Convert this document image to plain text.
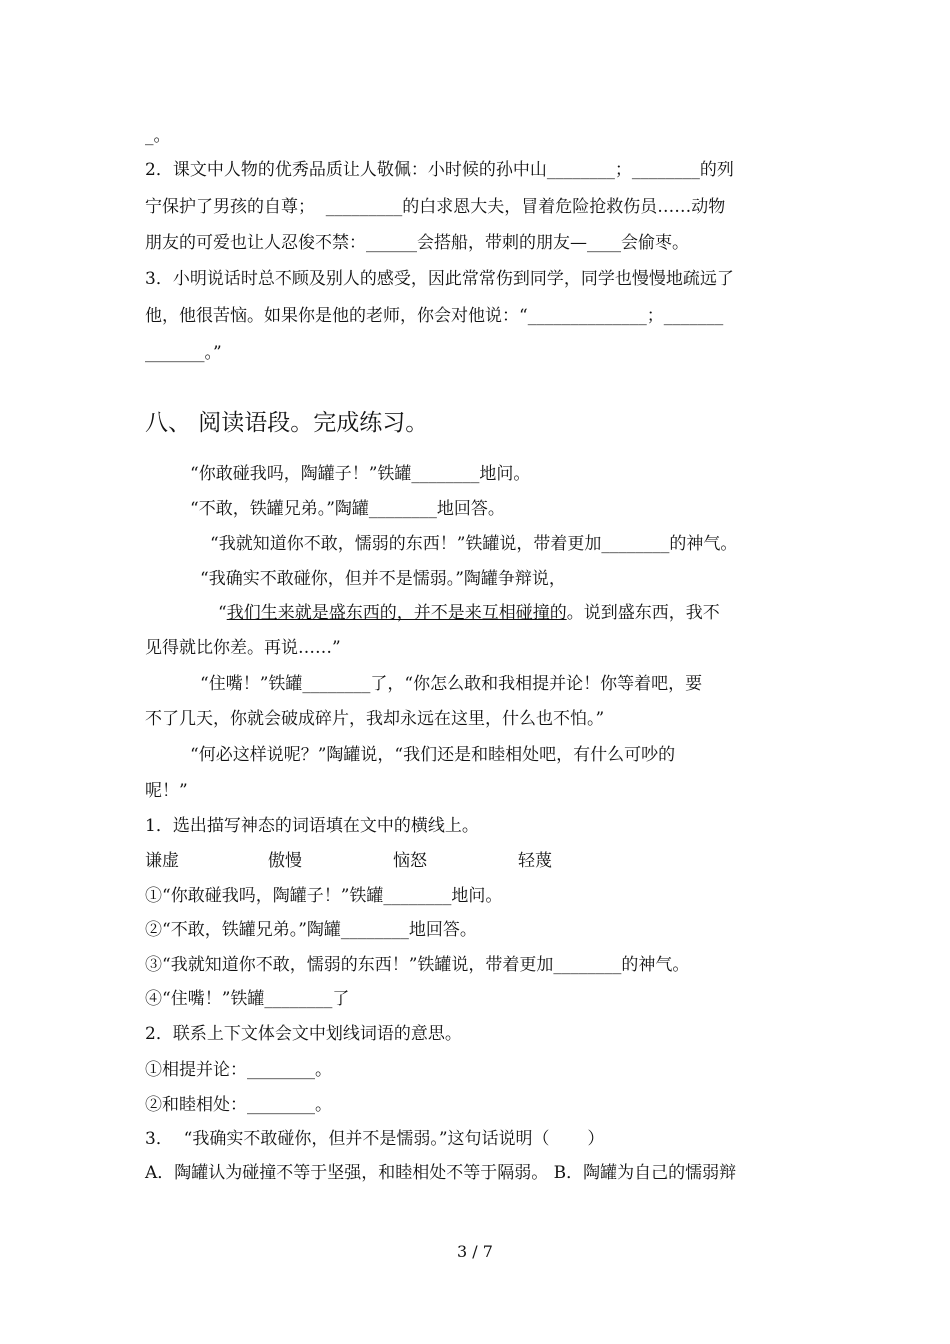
_。
2．课文中人物的优秀品质让人敬佩：小时候的孙中山________；________的列
宁保护了男孩的自尊；  _________的白求恩大夫，冒着危险抢救伤员……动物
朋友的可爱也让人忍俊不禁：______会搭船，带刺的朋友—____会偷枣。
3．小明说话时总不顾及别人的感受，因此常常伤到同学，同学也慢慢地疏远了
他，他很苦恼。如果你是他的老师，你会对他说：“______________；_______
_______。”
八、 阅读语段。完成练习。
“你敢碰我吗，陶罐子！”铁罐________地问。
“不敢，铁罐兄弟。”陶罐________地回答。
“我就知道你不敢，懦弱的东西！”铁罐说，带着更加________的神气。
“我确实不敢碰你，但并不是懦弱。”陶罐争辩说，
“我们生来就是盛东西的，并不是来互相碰撞的。说到盛东西，我不
见得就比你差。再说……”
“住嘴！”铁罐________了，“你怎么敢和我相提并论！你等着吧，要
不了几天，你就会破成碎片，我却永远在这里，什么也不怕。”
“何必这样说呢？”陶罐说，“我们还是和睦相处吧，有什么可吵的
呢！”
1．选出描写神态的词语填在文中的横线上。
谦虚	傲慢	恼怒	轻蔑
①“你敢碰我吗，陶罐子！”铁罐________地问。
②“不敢，铁罐兄弟。”陶罐________地回答。
③“我就知道你不敢，懦弱的东西！”铁罐说，带着更加________的神气。
④“住嘴！”铁罐________了
2．联系上下文体会文中划线词语的意思。
①相提并论：________。
②和睦相处：________。
3．  “我确实不敢碰你，但并不是懦弱。”这句话说明（       ）
A．陶罐认为碰撞不等于坚强，和睦相处不等于隔弱。 B．陶罐为自己的懦弱辩
3 / 7
